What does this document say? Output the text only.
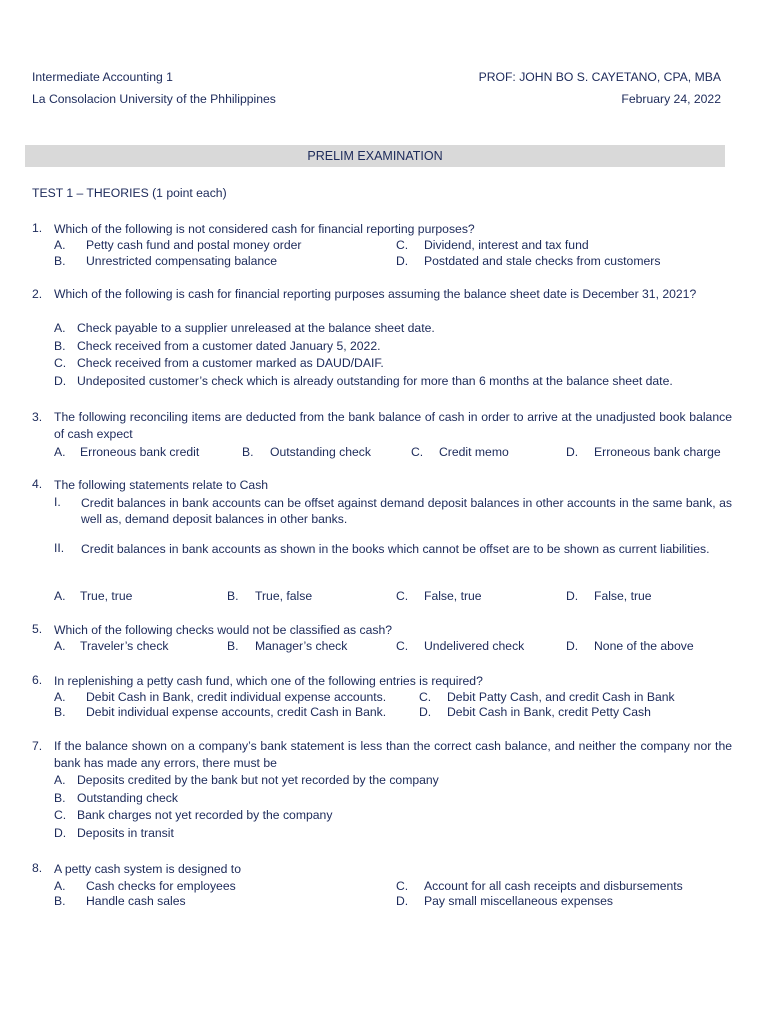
Intermediate Accounting 1
La Consolacion University of the Phhilippines
PROF: JOHN BO S. CAYETANO, CPA, MBA
February 24, 2022
PRELIM EXAMINATION
TEST 1 – THEORIES (1 point each)
1. Which of the following is not considered cash for financial reporting purposes?
A. Petty cash fund and postal money order
B. Unrestricted compensating balance
C. Dividend, interest and tax fund
D. Postdated and stale checks from customers
2. Which of the following is cash for financial reporting purposes assuming the balance sheet date is December 31, 2021?
A. Check payable to a supplier unreleased at the balance sheet date.
B. Check received from a customer dated January 5, 2022.
C. Check received from a customer marked as DAUD/DAIF.
D. Undeposited customer’s check which is already outstanding for more than 6 months at the balance sheet date.
3. The following reconciling items are deducted from the bank balance of cash in order to arrive at the unadjusted book balance of cash expect
A. Erroneous bank credit	B. Outstanding check	C. Credit memo	D. Erroneous bank charge
4. The following statements relate to Cash
I. Credit balances in bank accounts can be offset against demand deposit balances in other accounts in the same bank, as well as, demand deposit balances in other banks.
II. Credit balances in bank accounts as shown in the books which cannot be offset are to be shown as current liabilities.
A. True, true	B. True, false	C. False, true	D. False, true
5. Which of the following checks would not be classified as cash?
A. Traveler’s check	B. Manager’s check	C. Undelivered check	D. None of the above
6. In replenishing a petty cash fund, which one of the following entries is required?
A. Debit Cash in Bank, credit individual expense accounts.
B. Debit individual expense accounts, credit Cash in Bank.
C. Debit Patty Cash, and credit Cash in Bank
D. Debit Cash in Bank, credit Petty Cash
7. If the balance shown on a company’s bank statement is less than the correct cash balance, and neither the company nor the bank has made any errors, there must be
A. Deposits credited by the bank but not yet recorded by the company
B. Outstanding check
C. Bank charges not yet recorded by the company
D. Deposits in transit
8. A petty cash system is designed to
A. Cash checks for employees
B. Handle cash sales
C. Account for all cash receipts and disbursements
D. Pay small miscellaneous expenses
